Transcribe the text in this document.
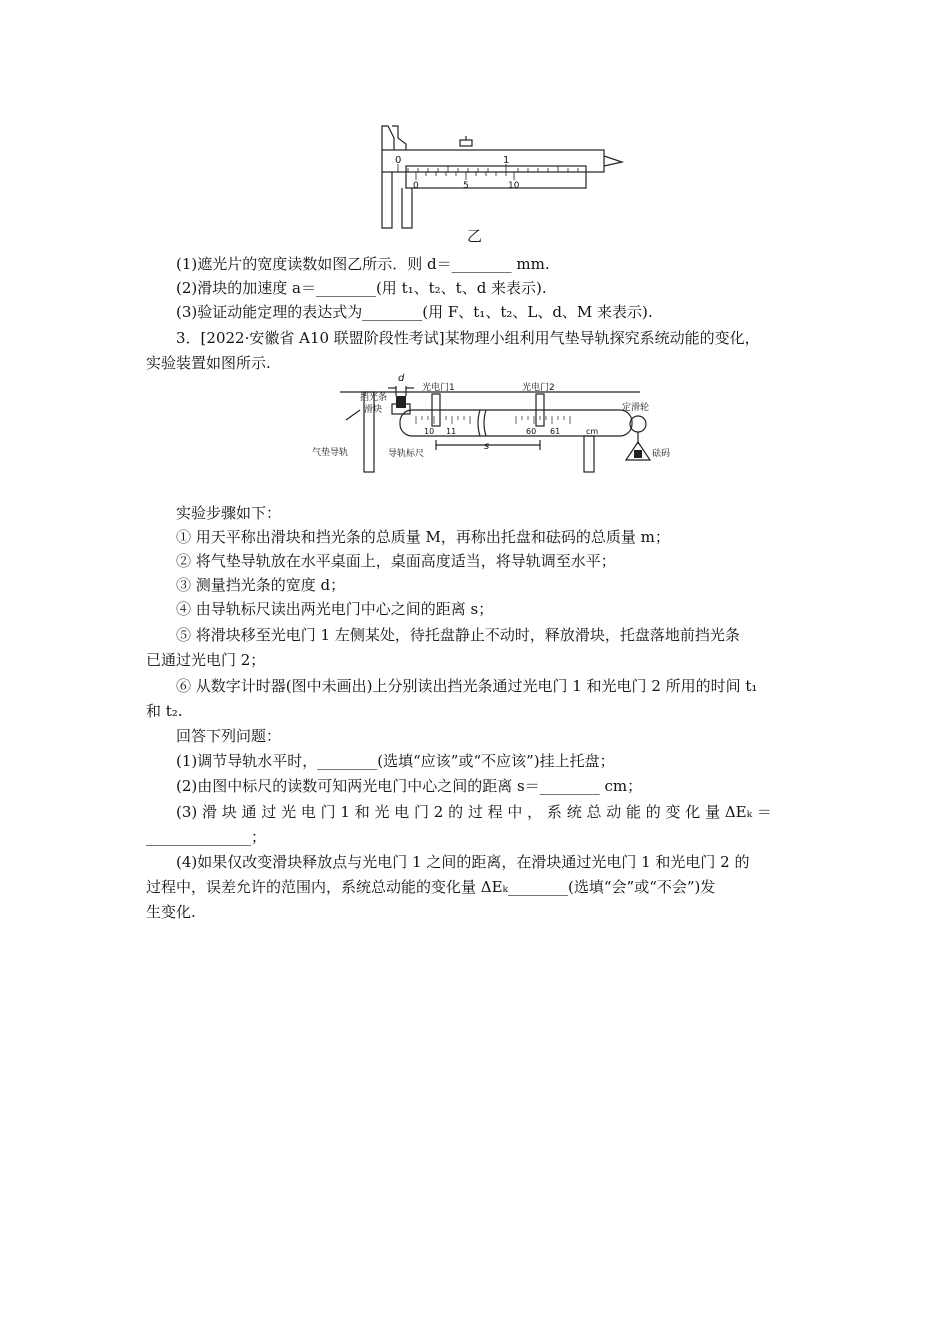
0	1
0	5	10
乙
(1)遮光片的宽度读数如图乙所示．则 d＝________ mm.
(2)滑块的加速度 a＝________(用 t₁、t₂、t、d 来表示).
(3)验证动能定理的表达式为________(用 F、t₁、t₂、L、d、M 来表示).
3．[2022·安徽省 A10 联盟阶段性考试]某物理小组利用气垫导轨探究系统动能的变化，
实验装置如图所示.
d
光电门1	光电门2
挡光条
滑块	定滑轮
气垫导轨	导轨标尺	砝码
s
cm
10 11	60 61
实验步骤如下：
① 用天平称出滑块和挡光条的总质量 M，再称出托盘和砝码的总质量 m；
② 将气垫导轨放在水平桌面上，桌面高度适当，将导轨调至水平；
③ 测量挡光条的宽度 d；
④ 由导轨标尺读出两光电门中心之间的距离 s；
⑤ 将滑块移至光电门 1 左侧某处，待托盘静止不动时，释放滑块，托盘落地前挡光条
已通过光电门 2；
⑥ 从数字计时器(图中未画出)上分别读出挡光条通过光电门 1 和光电门 2 所用的时间 t₁
和 t₂.
回答下列问题：
(1)调节导轨水平时，________(选填“应该”或“不应该”)挂上托盘；
(2)由图中标尺的读数可知两光电门中心之间的距离 s＝________ cm；
(3) 滑 块 通 过 光 电 门 1 和 光 电 门 2 的 过 程 中 ， 系 统 总 动 能 的 变 化 量 ΔEₖ ＝
______________；
(4)如果仅改变滑块释放点与光电门 1 之间的距离，在滑块通过光电门 1 和光电门 2 的
过程中，误差允许的范围内，系统总动能的变化量 ΔEₖ________(选填“会”或“不会”)发
生变化.
